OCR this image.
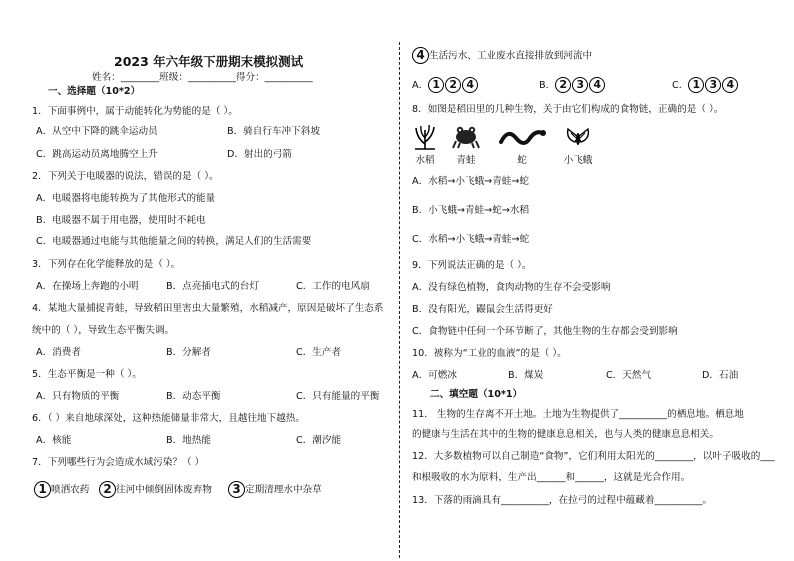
2023 年六年级下册期末模拟测试
姓名：________班级：__________得分：__________
一、选择题（10*2）
1．下面事例中，属于动能转化为势能的是（ ）。
A．从空中下降的跳伞运动员	B．骑自行车冲下斜坡
C．跳高运动员离地腾空上升	D．射出的弓箭
2．下列关于电暖器的说法，错误的是（ ）。
A．电暖器将电能转换为了其他形式的能量
B．电暖器不属于用电器，使用时不耗电
C．电暖器通过电能与其他能量之间的转换，满足人们的生活需要
3．下列存在化学能释放的是（ ）。
A．在操场上奔跑的小明	B．点亮插电式的台灯	C．工作的电风扇
4．某地大量捕捉青蛙，导致稻田里害虫大量繁殖，水稻减产，原因是破坏了生态系
统中的（ ），导致生态平衡失调。
A．消费者	B．分解者	C．生产者
5．生态平衡是一种（ ）。
A．只有物质的平衡	B．动态平衡	C．只有能量的平衡
6．（ ）来自地球深处，这种热能储量非常大，且越往地下越热。
A．核能	B．地热能	C．潮汐能
7．下列哪些行为会造成水域污染？（ ）
1 喷洒农药	2 往河中倾倒固体废弃物	3 定期清理水中杂草
4 生活污水、工业废水直接排放到河流中
A． 1 2 4	B． 2 3 4	C． 1 3 4
8．如图是稻田里的几种生物，关于由它们构成的食物链，正确的是（ ）。
水稻	青蛙	蛇	小飞蛾
A．水稻→小飞蛾→青蛙→蛇
B．小飞蛾→青蛙→蛇→水稻
C．水稻→小飞蛾→青蛙→蛇
9．下列说法正确的是（ ）。
A．没有绿色植物，食肉动物的生存不会受影响
B．没有阳光，鼹鼠会生活得更好
C．食物链中任何一个环节断了，其他生物的生存都会受到影响
10．被称为“工业的血液”的是（ ）。
A．可燃冰	B．煤炭	C．天然气	D．石油
二、填空题（10*1）
11． 生物的生存离不开土地。土地为生物提供了__________的栖息地。栖息地
的健康与生活在其中的生物的健康息息相关，也与人类的健康息息相关。
12．大多数植物可以自己制造“食物”，它们利用太阳光的________，以叶子吸收的___
和根吸收的水为原料，生产出______和______，这就是光合作用。
13．下落的雨滴具有__________，在拉弓的过程中蕴藏着__________。
